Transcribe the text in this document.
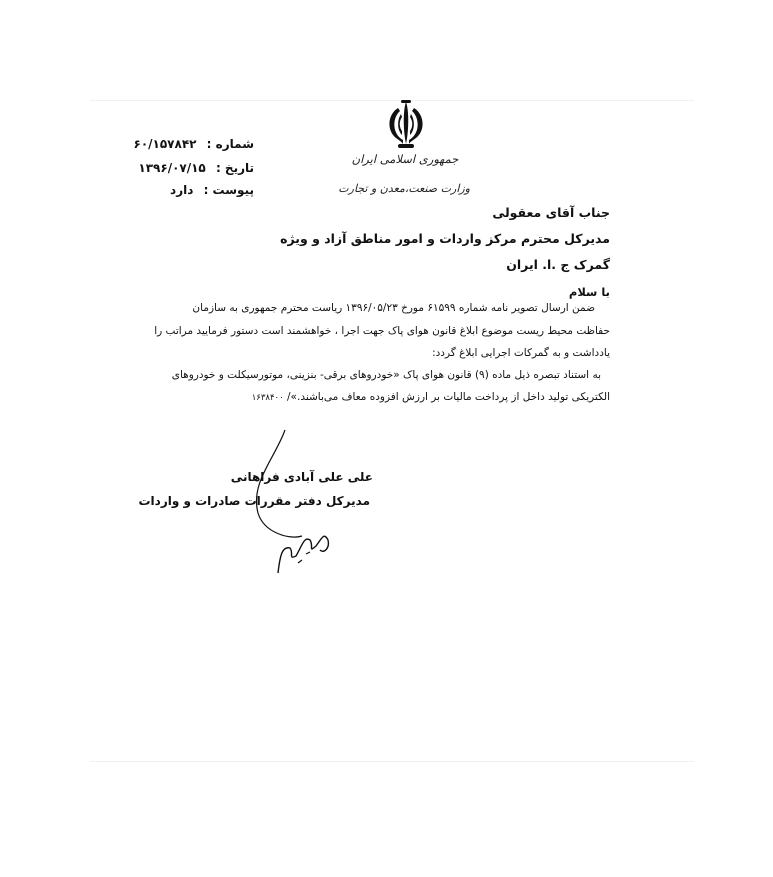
جمهوری اسلامی ایران
وزارت صنعت،معدن و تجارت
شماره : ۶۰/۱۵۷۸۴۲
تاریخ : ۱۳۹۶/۰۷/۱۵
پیوست : دارد
جناب آقای معقولی
مدیرکل محترم مرکز واردات و امور مناطق آزاد و ویژه
گمرک ج .ا. ایران
با سلام
ضمن ارسال تصویر نامه شماره ۶۱۵۹۹ مورخ ۱۳۹۶/۰۵/۲۳ ریاست محترم جمهوری به سازمان
حفاظت محیط ریست موضوع ابلاغ قانون هوای پاک جهت اجرا ، خواهشمند است دستور فرمایید مراتب را
یادداشت و به گمرکات اجرایی ابلاغ گردد:
به استناد تبصره ذیل ماده (۹) قانون هوای پاک «خودروهای برقی- بنزینی، موتورسیکلت و خودروهای
الکتریکی تولید داخل از پرداخت مالیات بر ارزش افزوده معاف می‌باشند.»/ ۱۶۳۸۴۰۰
علی علی آبادی فراهانی
مدیرکل دفتر مقررات صادرات و واردات
